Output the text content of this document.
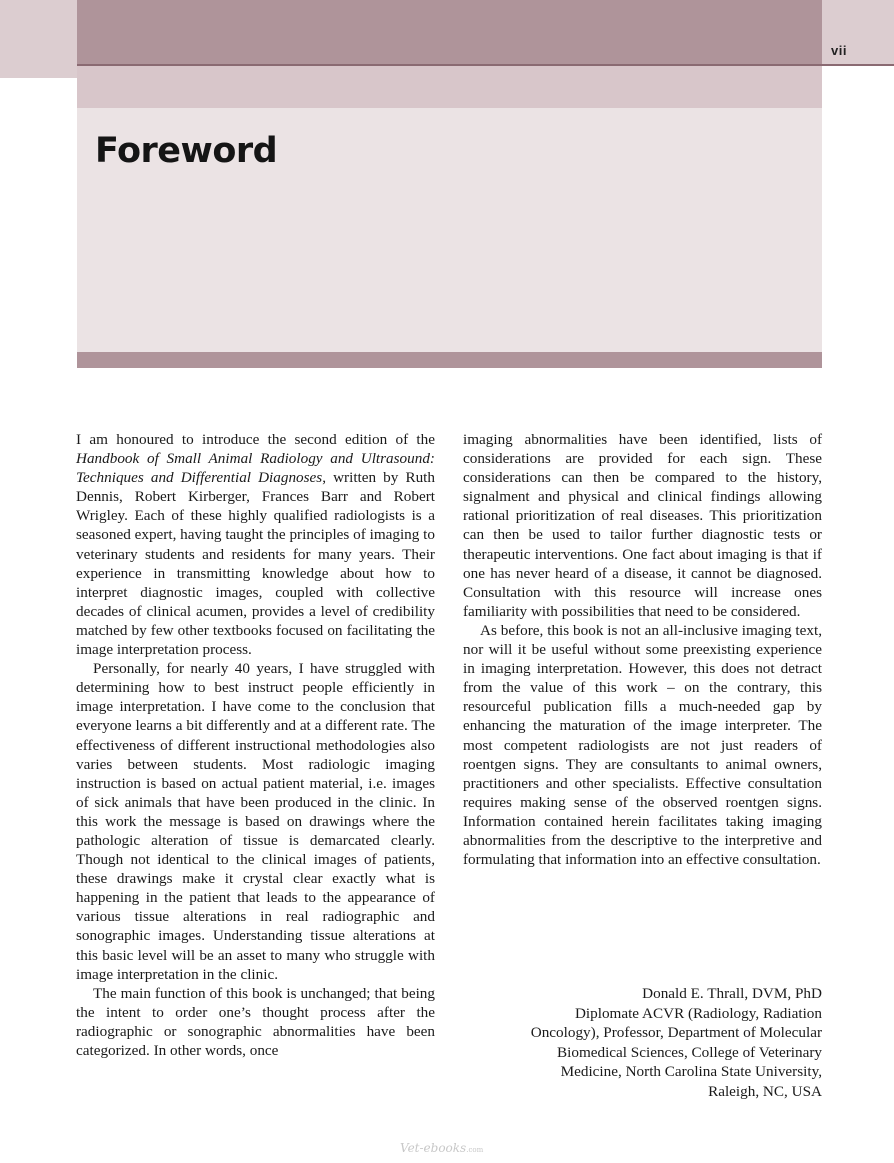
vii
Foreword

I am honoured to introduce the second edition of the Handbook of Small Animal Radiology and Ultrasound: Techniques and Differential Diagnoses, written by Ruth Dennis, Robert Kirberger, Frances Barr and Robert Wrigley. Each of these highly qualified radiologists is a seasoned expert, having taught the principles of imaging to veterinary students and residents for many years. Their experience in transmitting knowledge about how to interpret diagnostic images, coupled with collective decades of clinical acumen, provides a level of credibility matched by few other textbooks focused on facilitating the image interpretation process.

Personally, for nearly 40 years, I have struggled with determining how to best instruct people efficiently in image interpretation. I have come to the conclusion that everyone learns a bit differently and at a different rate. The effectiveness of different instructional methodologies also varies between students. Most radiologic imaging instruction is based on actual patient material, i.e. images of sick animals that have been produced in the clinic. In this work the message is based on drawings where the pathologic alteration of tissue is demarcated clearly. Though not identical to the clinical images of patients, these drawings make it crystal clear exactly what is happening in the patient that leads to the appearance of various tissue alterations in real radiographic and sonographic images. Understanding tissue alterations at this basic level will be an asset to many who struggle with image interpretation in the clinic.

The main function of this book is unchanged; that being the intent to order one’s thought process after the radiographic or sonographic abnormalities have been categorized. In other words, once

imaging abnormalities have been identified, lists of considerations are provided for each sign. These considerations can then be compared to the history, signalment and physical and clinical findings allowing rational prioritization of real diseases. This prioritization can then be used to tailor further diagnostic tests or therapeutic interventions. One fact about imaging is that if one has never heard of a disease, it cannot be diagnosed. Consultation with this resource will increase ones familiarity with possibilities that need to be considered.

As before, this book is not an all-inclusive imaging text, nor will it be useful without some preexisting experience in imaging interpretation. However, this does not detract from the value of this work – on the contrary, this resourceful publication fills a much-needed gap by enhancing the maturation of the image interpreter. The most competent radiologists are not just readers of roentgen signs. They are consultants to animal owners, practitioners and other specialists. Effective consultation requires making sense of the observed roentgen signs. Information contained herein facilitates taking imaging abnormalities from the descriptive to the interpretive and formulating that information into an effective consultation.

Donald E. Thrall, DVM, PhD
Diplomate ACVR (Radiology, Radiation
Oncology), Professor, Department of Molecular
Biomedical Sciences, College of Veterinary
Medicine, North Carolina State University,
Raleigh, NC, USA
Vet-ebooks.com
